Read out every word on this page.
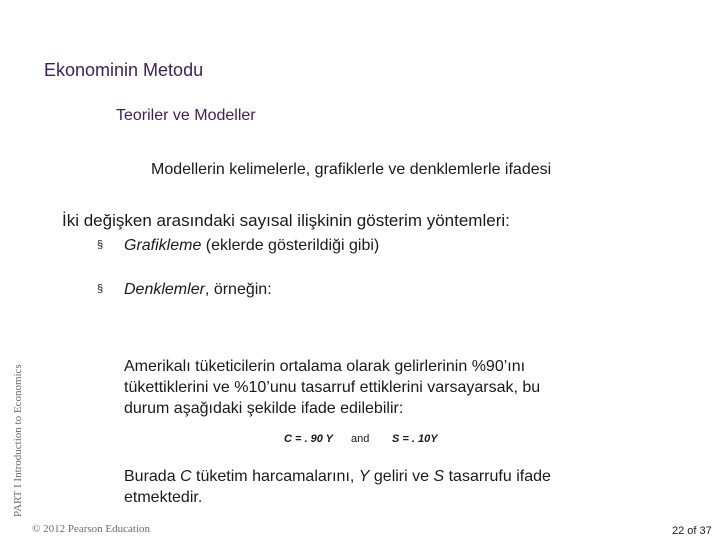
Ekonominin Metodu
Teoriler ve Modeller
Modellerin kelimelerle, grafiklerle ve denklemlerle ifadesi
İki değişken arasındaki sayısal ilişkinin gösterim yöntemleri:
§ Grafikleme (eklerde gösterildiği gibi)
§ Denklemler, örneğin:
Amerikalı tüketicilerin ortalama olarak gelirlerinin %90’ını
tükettiklerini ve %10’unu tasarruf ettiklerini varsayarsak, bu
durum aşağıdaki şekilde ifade edilebilir:
C = . 90 Y and S = . 10Y
Burada C tüketim harcamalarını, Y geliri ve S tasarrufu ifade
etmektedir.
PART I Introduction to Economics
© 2012 Pearson Education	22 of 37
